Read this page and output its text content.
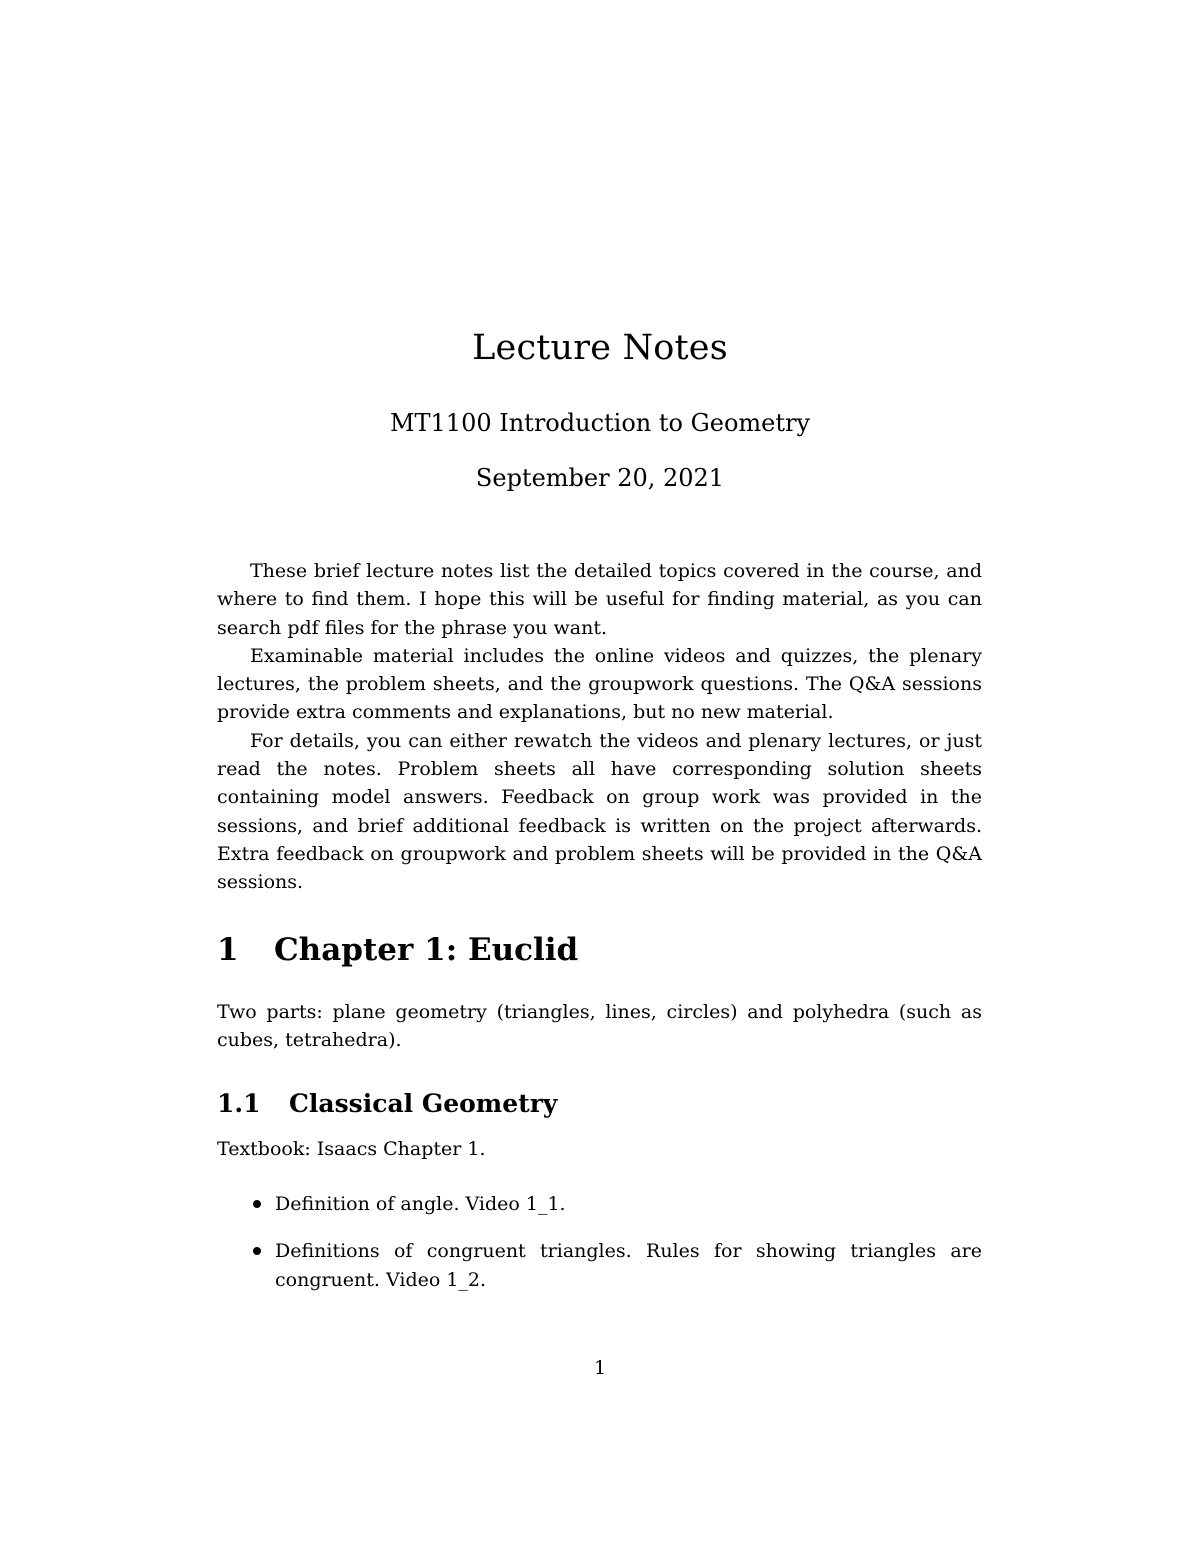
Lecture Notes

MT1100 Introduction to Geometry

September 20, 2021

These brief lecture notes list the detailed topics covered in the course, and where to find them. I hope this will be useful for finding material, as you can search pdf files for the phrase you want.

Examinable material includes the online videos and quizzes, the plenary lectures, the problem sheets, and the groupwork questions. The Q&A sessions provide extra comments and explanations, but no new material.

For details, you can either rewatch the videos and plenary lectures, or just read the notes. Problem sheets all have corresponding solution sheets containing model answers. Feedback on group work was provided in the sessions, and brief additional feedback is written on the project afterwards. Extra feedback on groupwork and problem sheets will be provided in the Q&A sessions.

1 Chapter 1: Euclid

Two parts: plane geometry (triangles, lines, circles) and polyhedra (such as cubes, tetrahedra).

1.1 Classical Geometry

Textbook: Isaacs Chapter 1.

Definition of angle. Video 1_1.
Definitions of congruent triangles. Rules for showing triangles are congruent. Video 1_2.

1
